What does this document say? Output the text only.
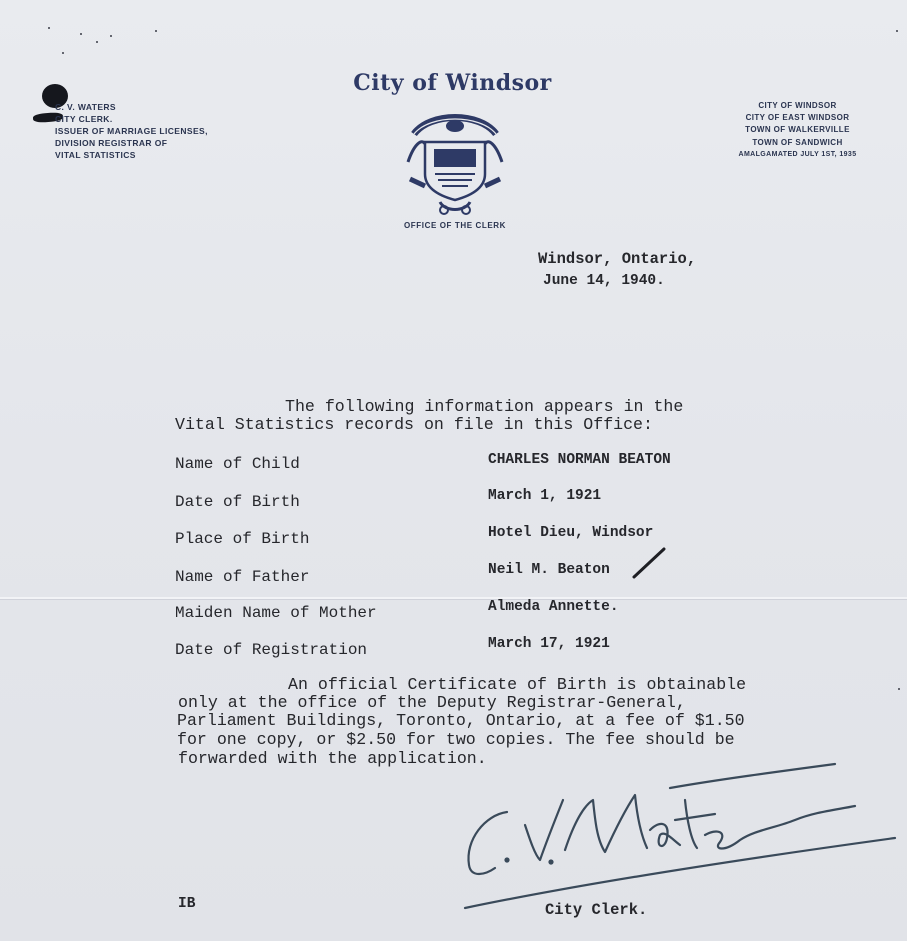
C. V. WATERS
CITY CLERK.
ISSUER OF MARRIAGE LICENSES,
DIVISION REGISTRAR OF
VITAL STATISTICS
City of Windsor
OFFICE OF THE CLERK
CITY OF WINDSOR
CITY OF EAST WINDSOR
TOWN OF WALKERVILLE
TOWN OF SANDWICH
AMALGAMATED JULY 1ST, 1935
Windsor, Ontario,
June 14, 1940.
The following information appears in the
Vital Statistics records on file in this Office:
Name of Child	CHARLES NORMAN BEATON
Date of Birth	March 1, 1921
Place of Birth	Hotel Dieu, Windsor
Name of Father	Neil M. Beaton
Maiden Name of Mother	Almeda Annette.
Date of Registration	March 17, 1921
An official Certificate of Birth is obtainable
only at the office of the Deputy Registrar-General,
Parliament Buildings, Toronto, Ontario, at a fee of $1.50
for one copy, or $2.50 for two copies. The fee should be
forwarded with the application.
City Clerk.
IB
